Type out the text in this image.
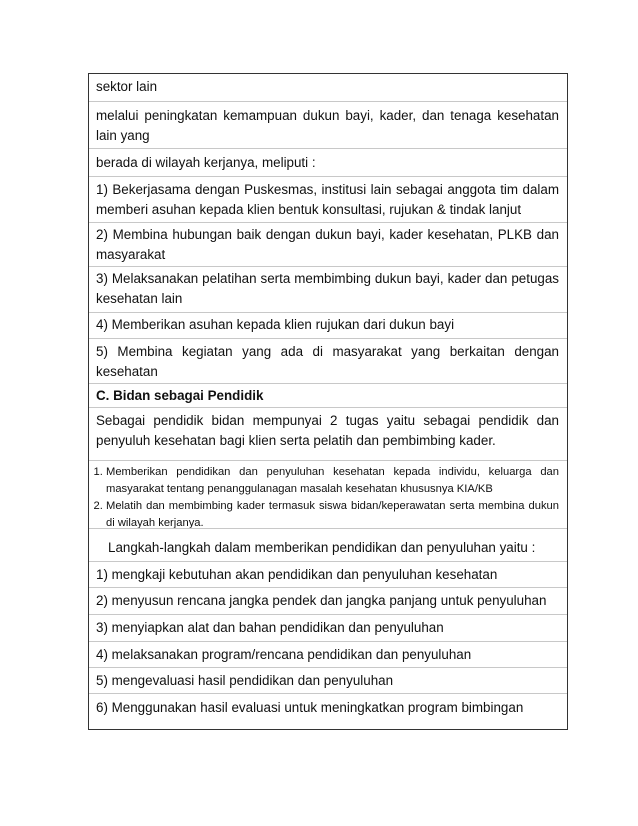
sektor lain

melalui peningkatan kemampuan dukun bayi, kader, dan tenaga kesehatan lain yang

berada di wilayah kerjanya, meliputi :

1) Bekerjasama dengan Puskesmas, institusi lain sebagai anggota tim dalam memberi asuhan kepada klien bentuk konsultasi, rujukan & tindak lanjut

2) Membina hubungan baik dengan dukun bayi, kader kesehatan, PLKB dan masyarakat

3) Melaksanakan pelatihan serta membimbing dukun bayi, kader dan petugas kesehatan lain

4) Memberikan asuhan kepada klien rujukan dari dukun bayi

5) Membina kegiatan yang ada di masyarakat yang berkaitan dengan kesehatan

C. Bidan sebagai Pendidik

Sebagai pendidik bidan mempunyai 2 tugas yaitu sebagai pendidik dan penyuluh kesehatan bagi klien serta pelatih dan pembimbing kader.

1. Memberikan pendidikan dan penyuluhan kesehatan kepada individu, keluarga dan masyarakat tentang penanggulanagan masalah kesehatan khususnya KIA/KB
2. Melatih dan membimbing kader termasuk siswa bidan/keperawatan serta membina dukun di wilayah kerjanya.

Langkah-langkah dalam memberikan pendidikan dan penyuluhan yaitu :

1) mengkaji kebutuhan akan pendidikan dan penyuluhan kesehatan

2) menyusun rencana jangka pendek dan jangka panjang untuk penyuluhan

3) menyiapkan alat dan bahan pendidikan dan penyuluhan

4) melaksanakan program/rencana pendidikan dan penyuluhan

5) mengevaluasi hasil pendidikan dan penyuluhan

6) Menggunakan hasil evaluasi untuk meningkatkan program bimbingan
